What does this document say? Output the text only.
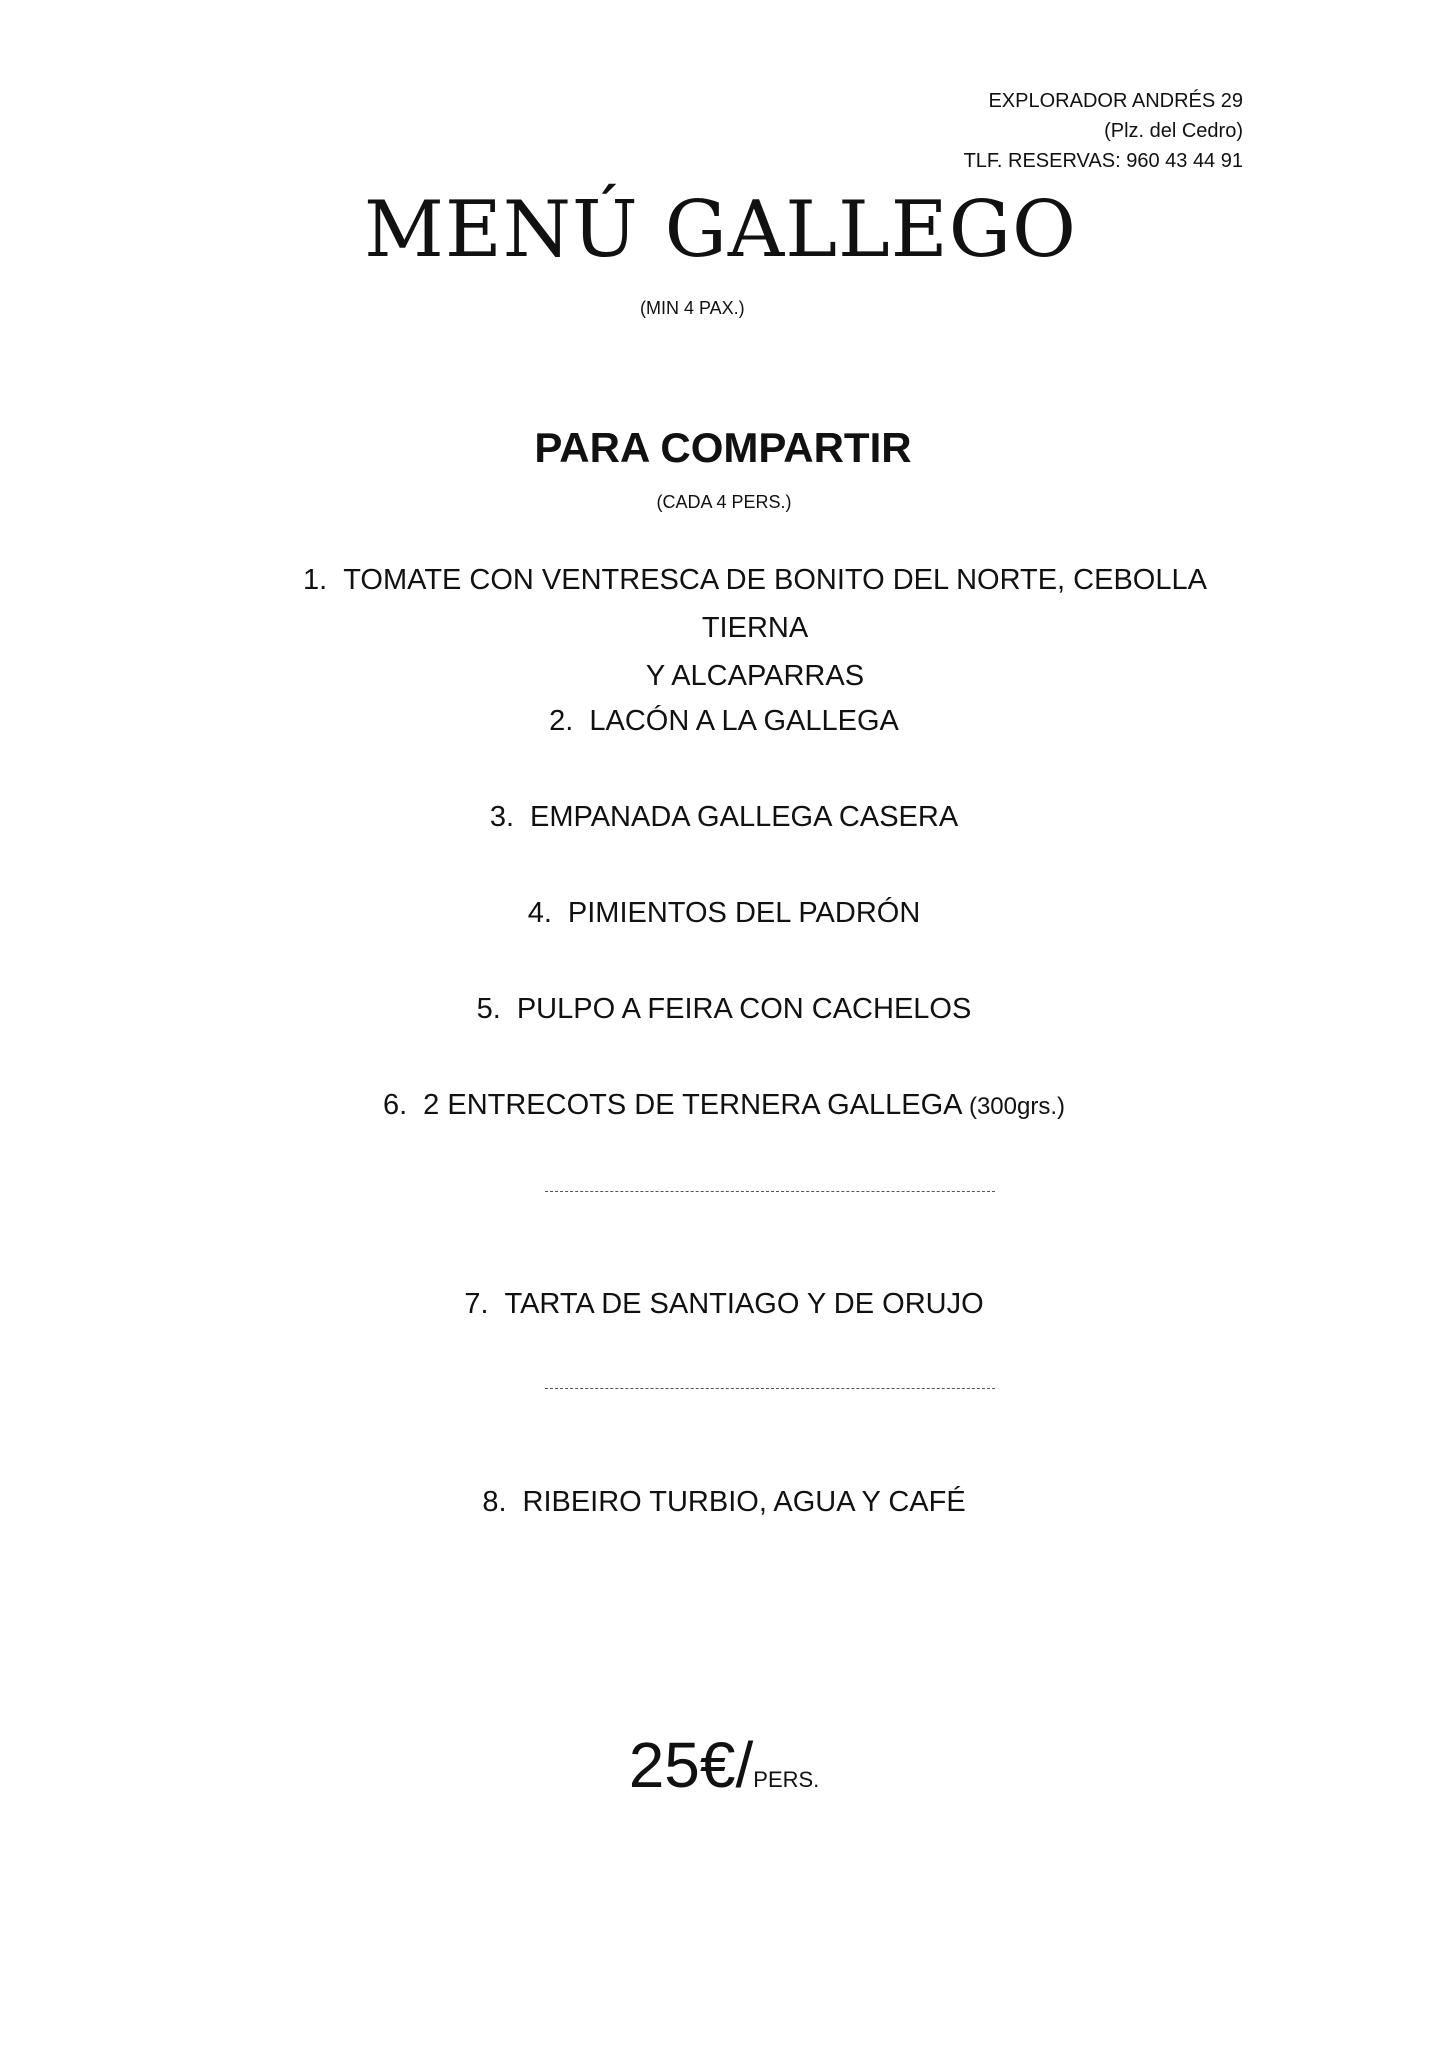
EXPLORADOR ANDRÉS 29
(Plz. del Cedro)
TLF. RESERVAS: 960 43 44 91
MENÚ GALLEGO
(MIN 4 PAX.)
PARA COMPARTIR
(CADA 4 PERS.)
1. TOMATE CON VENTRESCA DE BONITO DEL NORTE, CEBOLLA TIERNA
Y ALCAPARRAS
2. LACÓN A LA GALLEGA
3. EMPANADA GALLEGA CASERA
4. PIMIENTOS DEL PADRÓN
5. PULPO A FEIRA CON CACHELOS
6. 2 ENTRECOTS DE TERNERA GALLEGA (300grs.)
7. TARTA DE SANTIAGO Y DE ORUJO
8. RIBEIRO TURBIO, AGUA Y CAFÉ
25€/PERS.
